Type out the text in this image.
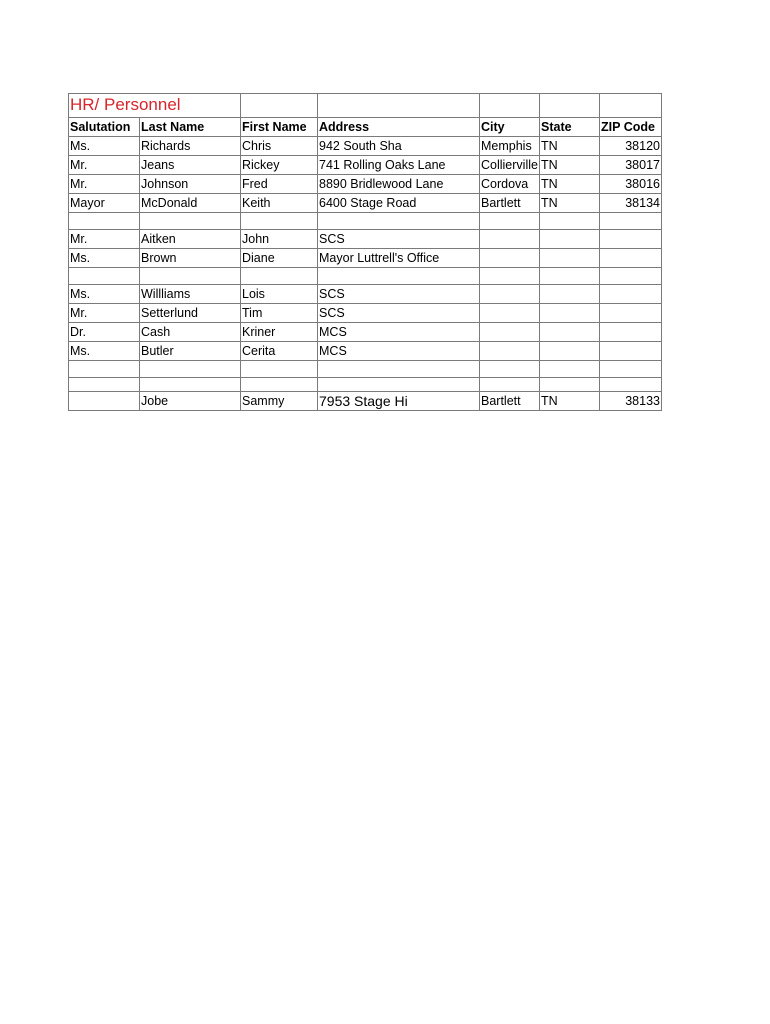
HR/ Personnel						
Salutation	Last Name	First Name	Address	City	State	ZIP Code
Ms.	Richards	Chris	942 South Sha	Memphis	TN	38120
Mr.	Jeans	Rickey	741 Rolling Oaks Lane	Collierville	TN	38017
Mr.	Johnson	Fred	8890 Bridlewood Lane	Cordova	TN	38016
Mayor	McDonald	Keith	6400 Stage Road	Bartlett	TN	38134

Mr.	Aitken	John	SCS			
Ms.	Brown	Diane	Mayor Luttrell's Office			

Ms.	Willliams	Lois	SCS			
Mr.	Setterlund	Tim	SCS			
Dr.	Cash	Kriner	MCS			
Ms.	Butler	Cerita	MCS			

	Jobe	Sammy	7953 Stage Hi	Bartlett	TN	38133
